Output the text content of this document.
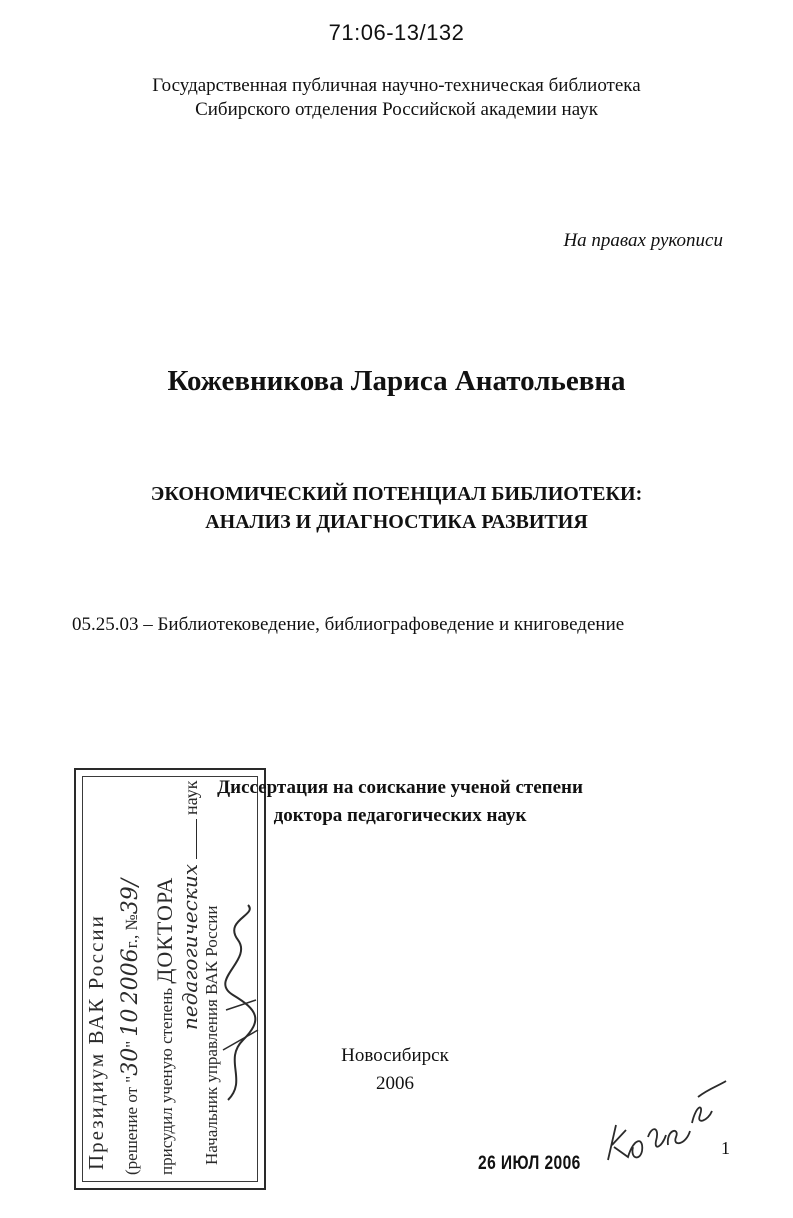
71:06-13/132
Государственная публичная научно-техническая библиотека
Сибирского отделения Российской академии наук
На правах рукописи
Кожевникова Лариса Анатольевна
ЭКОНОМИЧЕСКИЙ ПОТЕНЦИАЛ БИБЛИОТЕКИ:
АНАЛИЗ И ДИАГНОСТИКА РАЗВИТИЯ
05.25.03 – Библиотековедение, библиографоведение и книговедение
Президиум ВАК России (решение от "30" 10 2006г., №39/
присудил ученую степень ДОКТОРА педагогических  наук
Начальник управления ВАК России
Диссертация на соискание ученой степени
доктора педагогических наук
Новосибирск
2006
26 ИЮЛ 2006
1
